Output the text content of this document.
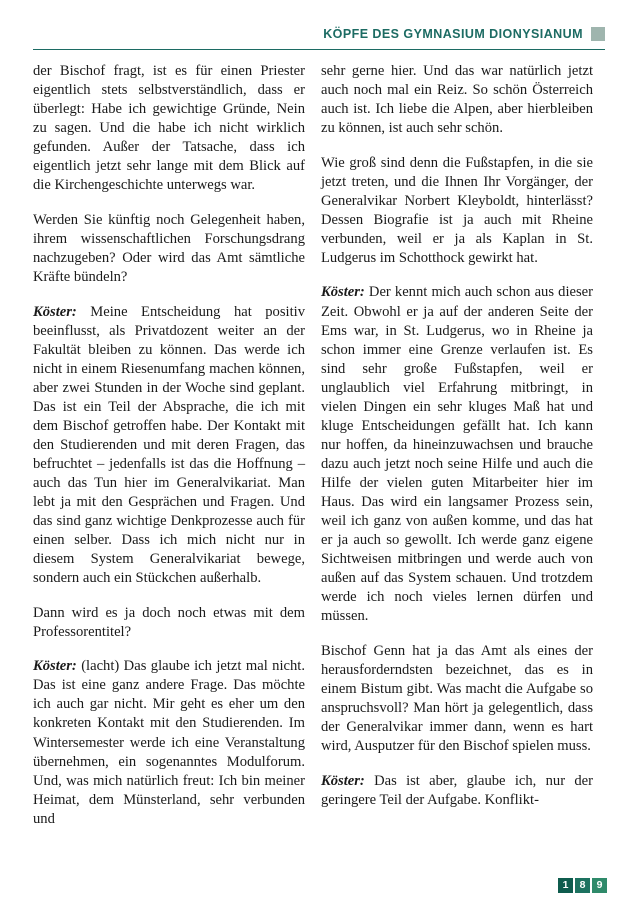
KÖPFE DES GYMNASIUM DIONYSIANUM

der Bischof fragt, ist es für einen Priester eigentlich stets selbstverständlich, dass er überlegt: Habe ich gewichtige Gründe, Nein zu sagen. Und die habe ich nicht wirklich gefunden. Außer der Tatsache, dass ich eigentlich jetzt sehr lange mit dem Blick auf die Kirchengeschichte unterwegs war.

Werden Sie künftig noch Gelegenheit haben, ihrem wissenschaftlichen Forschungsdrang nachzugeben? Oder wird das Amt sämtliche Kräfte bündeln?

Köster: Meine Entscheidung hat positiv beeinflusst, als Privatdozent weiter an der Fakultät bleiben zu können. Das werde ich nicht in einem Riesenumfang machen können, aber zwei Stunden in der Woche sind geplant. Das ist ein Teil der Absprache, die ich mit dem Bischof getroffen habe. Der Kontakt mit den Studierenden und mit deren Fragen, das befruchtet – jedenfalls ist das die Hoffnung – auch das Tun hier im Generalvikariat. Man lebt ja mit den Gesprächen und Fragen. Und das sind ganz wichtige Denkprozesse auch für einen selber. Dass ich mich nicht nur in diesem System Generalvikariat bewege, sondern auch ein Stückchen außerhalb.

Dann wird es ja doch noch etwas mit dem Professorentitel?

Köster: (lacht) Das glaube ich jetzt mal nicht. Das ist eine ganz andere Frage. Das möchte ich auch gar nicht. Mir geht es eher um den konkreten Kontakt mit den Studierenden. Im Wintersemester werde ich eine Veranstaltung übernehmen, ein sogenanntes Modulforum. Und, was mich natürlich freut: Ich bin meiner Heimat, dem Münsterland, sehr verbunden und

sehr gerne hier. Und das war natürlich jetzt auch noch mal ein Reiz. So schön Österreich auch ist. Ich liebe die Alpen, aber hierbleiben zu können, ist auch sehr schön.

Wie groß sind denn die Fußstapfen, in die sie jetzt treten, und die Ihnen Ihr Vorgänger, der Generalvikar Norbert Kleyboldt, hinterlässt? Dessen Biografie ist ja auch mit Rheine verbunden, weil er ja als Kaplan in St. Ludgerus im Schotthock gewirkt hat.

Köster: Der kennt mich auch schon aus dieser Zeit. Obwohl er ja auf der anderen Seite der Ems war, in St. Ludgerus, wo in Rheine ja schon immer eine Grenze verlaufen ist. Es sind sehr große Fußstapfen, weil er unglaublich viel Erfahrung mitbringt, in vielen Dingen ein sehr kluges Maß hat und kluge Entscheidungen gefällt hat. Ich kann nur hoffen, da hineinzuwachsen und brauche dazu auch jetzt noch seine Hilfe und auch die Hilfe der vielen guten Mitarbeiter hier im Haus. Das wird ein langsamer Prozess sein, weil ich ganz von außen komme, und das hat er ja auch so gewollt. Ich werde ganz eigene Sichtweisen mitbringen und werde auch von außen auf das System schauen. Und trotzdem werde ich noch vieles lernen dürfen und müssen.

Bischof Genn hat ja das Amt als eines der herausforderndsten bezeichnet, das es in einem Bistum gibt. Was macht die Aufgabe so anspruchsvoll? Man hört ja gelegentlich, dass der Generalvikar immer dann, wenn es hart wird, Ausputzer für den Bischof spielen muss.

Köster: Das ist aber, glaube ich, nur der geringere Teil der Aufgabe. Konflikt-

1	8	9
